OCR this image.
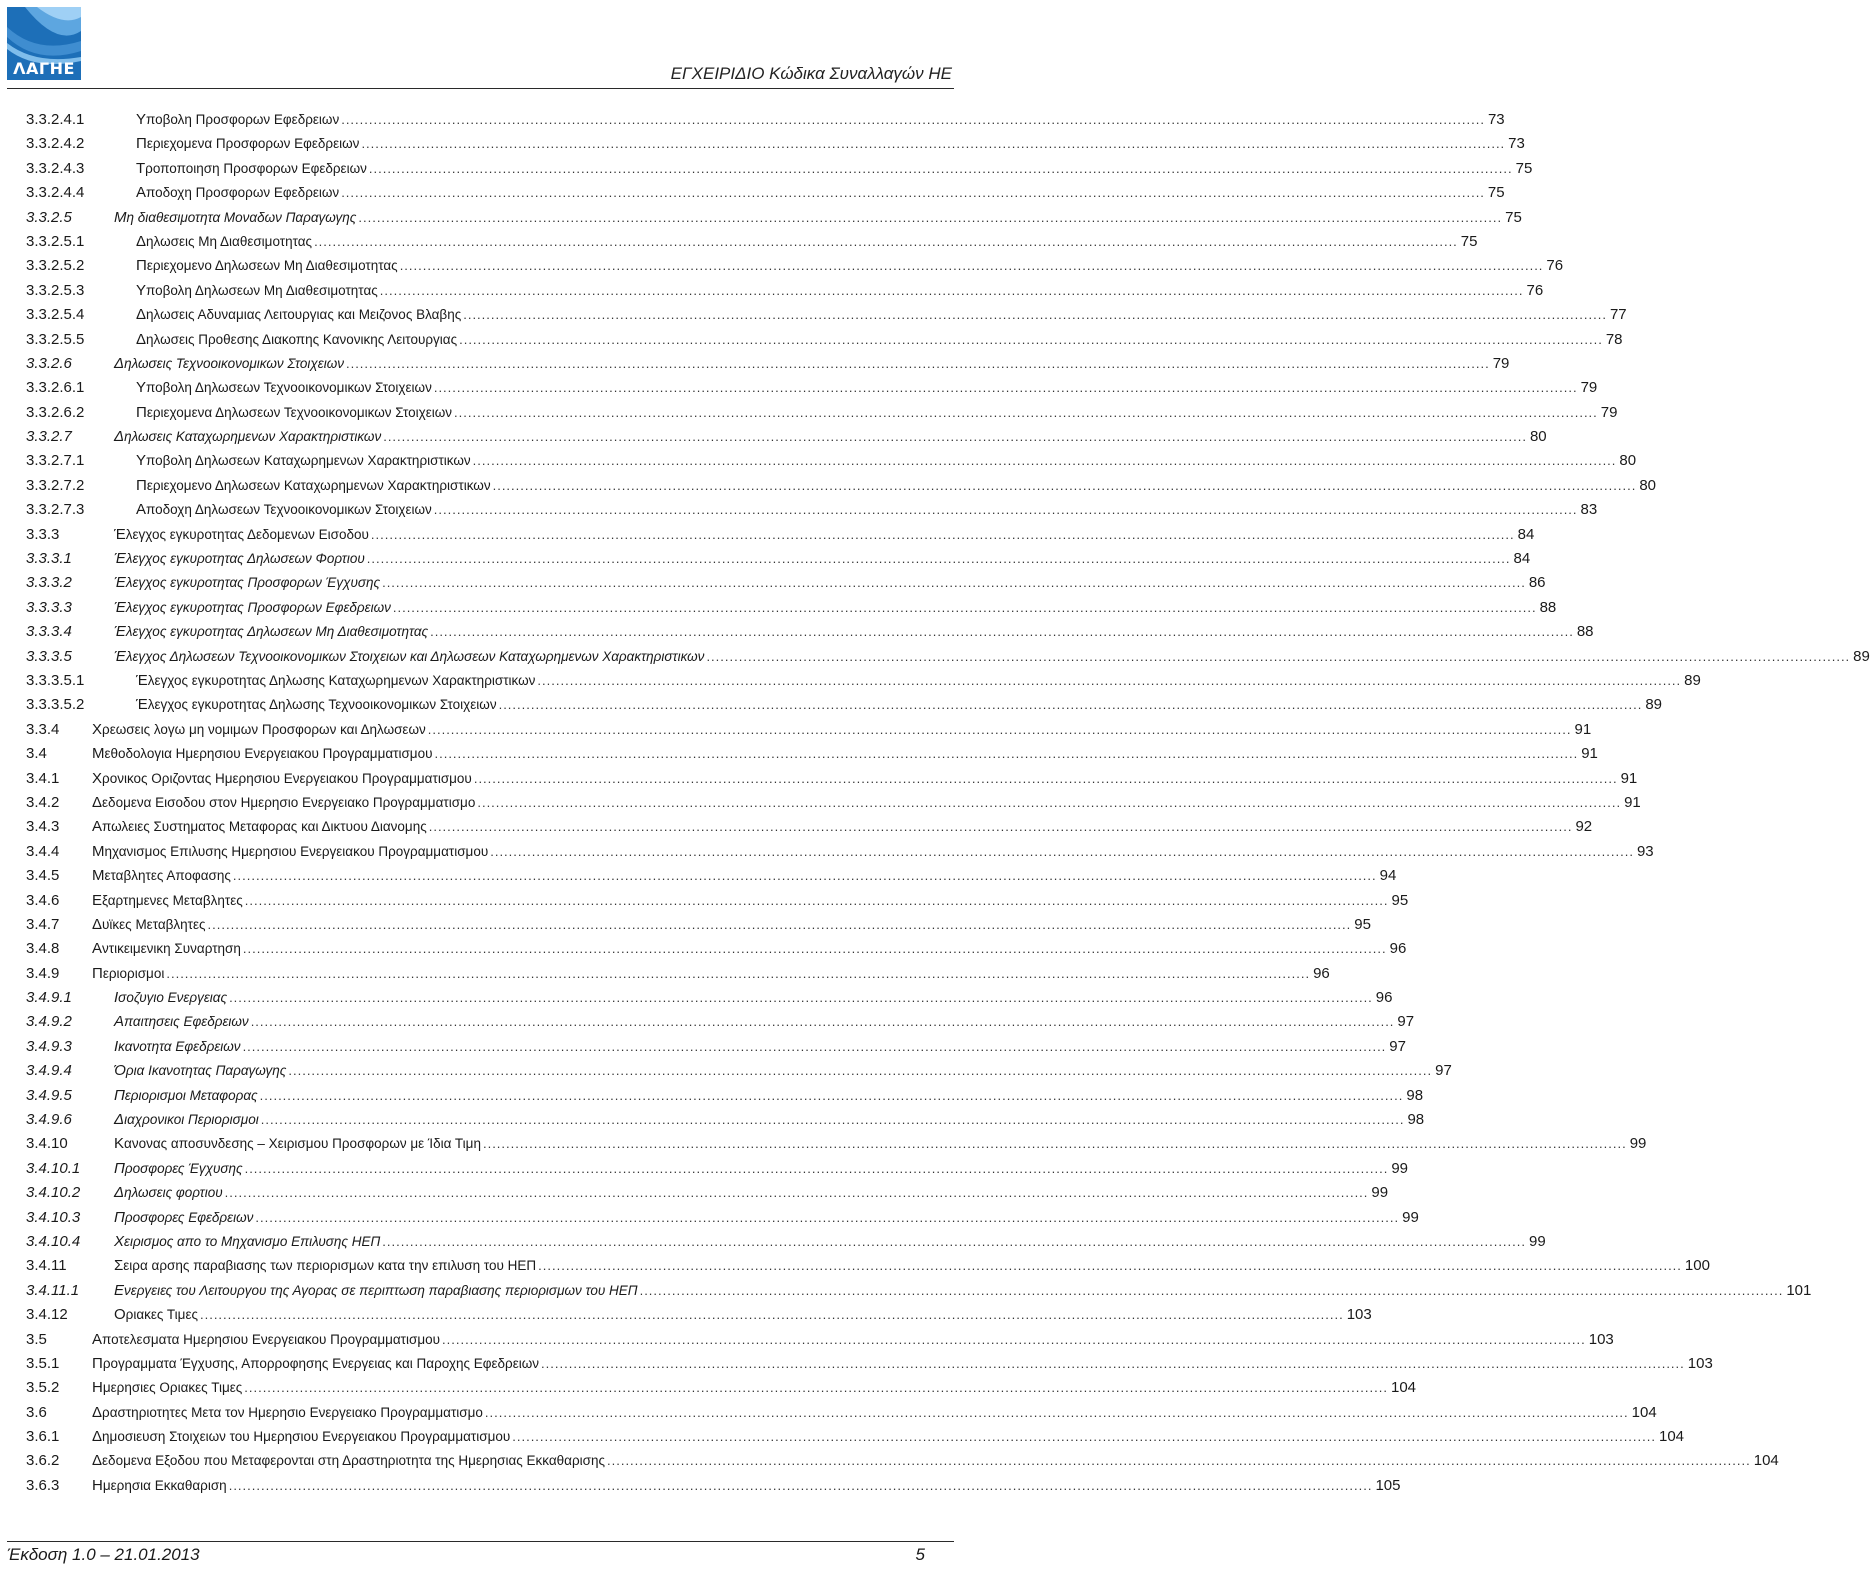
ΛΑΓΗΕ	ΕΓΧΕΙΡΙΔΙΟ Κώδικα Συναλλαγών ΗΕ
3.3.2.4.1	Υποβολη Προσφορων Εφεδρειων .....	73
3.3.2.4.2	Περιεχομενα Προσφορων Εφεδρειων .....	73
3.3.2.4.3	Τροποποιηση Προσφορων Εφεδρειων .....	75
3.3.2.4.4	Αποδοχη Προσφορων Εφεδρειων .....	75
3.3.2.5	Μη διαθεσιμοτητα Μοναδων Παραγωγης .....	75
3.3.2.5.1	Δηλωσεις Μη Διαθεσιμοτητας .....	75
3.3.2.5.2	Περιεχομενο Δηλωσεων Μη Διαθεσιμοτητας .....	76
3.3.2.5.3	Υποβολη Δηλωσεων Μη Διαθεσιμοτητας .....	76
3.3.2.5.4	Δηλωσεις Αδυναμιας Λειτουργιας και Μειζονος Βλαβης .....	77
3.3.2.5.5	Δηλωσεις Προθεσης Διακοπης Κανονικης Λειτουργιας .....	78
3.3.2.6	Δηλωσεις Τεχνοοικονομικων Στοιχειων .....	79
3.3.2.6.1	Υποβολη Δηλωσεων Τεχνοοικονομικων Στοιχειων .....	79
3.3.2.6.2	Περιεχομενα Δηλωσεων Τεχνοοικονομικων Στοιχειων .....	79
3.3.2.7	Δηλωσεις Καταχωρημενων Χαρακτηριστικων .....	80
3.3.2.7.1	Υποβολη Δηλωσεων Καταχωρημενων Χαρακτηριστικων .....	80
3.3.2.7.2	Περιεχομενο Δηλωσεων Καταχωρημενων Χαρακτηριστικων .....	80
3.3.2.7.3	Αποδοχη Δηλωσεων Τεχνοοικονομικων Στοιχειων .....	83
3.3.3	Έλεγχος εγκυροτητας Δεδομενων Εισοδου .....	84
3.3.3.1	Έλεγχος εγκυροτητας Δηλωσεων Φορτιου .....	84
3.3.3.2	Έλεγχος εγκυροτητας Προσφορων Έγχυσης .....	86
3.3.3.3	Έλεγχος εγκυροτητας Προσφορων Εφεδρειων .....	88
3.3.3.4	Έλεγχος εγκυροτητας Δηλωσεων Μη Διαθεσιμοτητας .....	88
3.3.3.5	Έλεγχος Δηλωσεων Τεχνοοικονομικων Στοιχειων και Δηλωσεων Καταχωρημενων Χαρακτηριστικων .....	89
3.3.3.5.1	Έλεγχος εγκυροτητας Δηλωσης Καταχωρημενων Χαρακτηριστικων .....	89
3.3.3.5.2	Έλεγχος εγκυροτητας Δηλωσης Τεχνοοικονομικων Στοιχειων .....	89
3.3.4 Χρεωσεις λογω μη νομιμων Προσφορων και Δηλωσεων .....	91
3.4	Μεθοδολογια Ημερησιου Ενεργειακου Προγραμματισμου .....	91
3.4.1 Χρονικος Οριζοντας Ημερησιου Ενεργειακου Προγραμματισμου .....	91
3.4.2 Δεδομενα Εισοδου στον Ημερησιο Ενεργειακο Προγραμματισμο .....	91
3.4.3 Απωλειες Συστηματος Μεταφορας και Δικτυου Διανομης .....	92
3.4.4 Μηχανισμος Επιλυσης Ημερησιου Ενεργειακου Προγραμματισμου .....	93
3.4.5 Μεταβλητες Αποφασης .....	94
3.4.6 Εξαρτημενες Μεταβλητες .....	95
3.4.7 Δυϊκες Μεταβλητες .....	95
3.4.8 Αντικειμενικη Συναρτηση .....	96
3.4.9 Περιορισμοι .....	96
3.4.9.1	Ισοζυγιο Ενεργειας .....	96
3.4.9.2	Απαιτησεις Εφεδρειων .....	97
3.4.9.3	Ικανοτητα Εφεδρειων .....	97
3.4.9.4	Όρια Ικανοτητας Παραγωγης .....	97
3.4.9.5	Περιορισμοι Μεταφορας .....	98
3.4.9.6	Διαχρονικοι Περιορισμοι .....	98
3.4.10	Κανονας αποσυνδεσης – Χειρισμου Προσφορων με Ίδια Τιμη .....	99
3.4.10.1	Προσφορες Έγχυσης .....	99
3.4.10.2	Δηλωσεις φορτιου .....	99
3.4.10.3	Προσφορες Εφεδρειων .....	99
3.4.10.4	Χειρισμος απο το Μηχανισμο Επιλυσης ΗΕΠ .....	99
3.4.11	Σειρα αρσης παραβιασης των περιορισμων κατα την επιλυση του ΗΕΠ .....	100
3.4.11.1	Ενεργειες του Λειτουργου της Αγορας σε περιπτωση παραβιασης περιορισμων του ΗΕΠ .....	101
3.4.12	Οριακες Τιμες .....	103
3.5	Αποτελεσματα Ημερησιου Ενεργειακου Προγραμματισμου .....	103
3.5.1 Προγραμματα Έγχυσης, Απορροφησης Ενεργειας και Παροχης Εφεδρειων .....	103
3.5.2 Ημερησιες Οριακες Τιμες .....	104
3.6	Δραστηριοτητες Μετα τον Ημερησιο Ενεργειακο Προγραμματισμο .....	104
3.6.1 Δημοσιευση Στοιχειων του Ημερησιου Ενεργειακου Προγραμματισμου .....	104
3.6.2 Δεδομενα Εξοδου που Μεταφερονται στη Δραστηριοτητα της Ημερησιας Εκκαθαρισης .....	104
3.6.3 Ημερησια Εκκαθαριση .....	105
Έκδοση 1.0 – 21.01.2013	5
